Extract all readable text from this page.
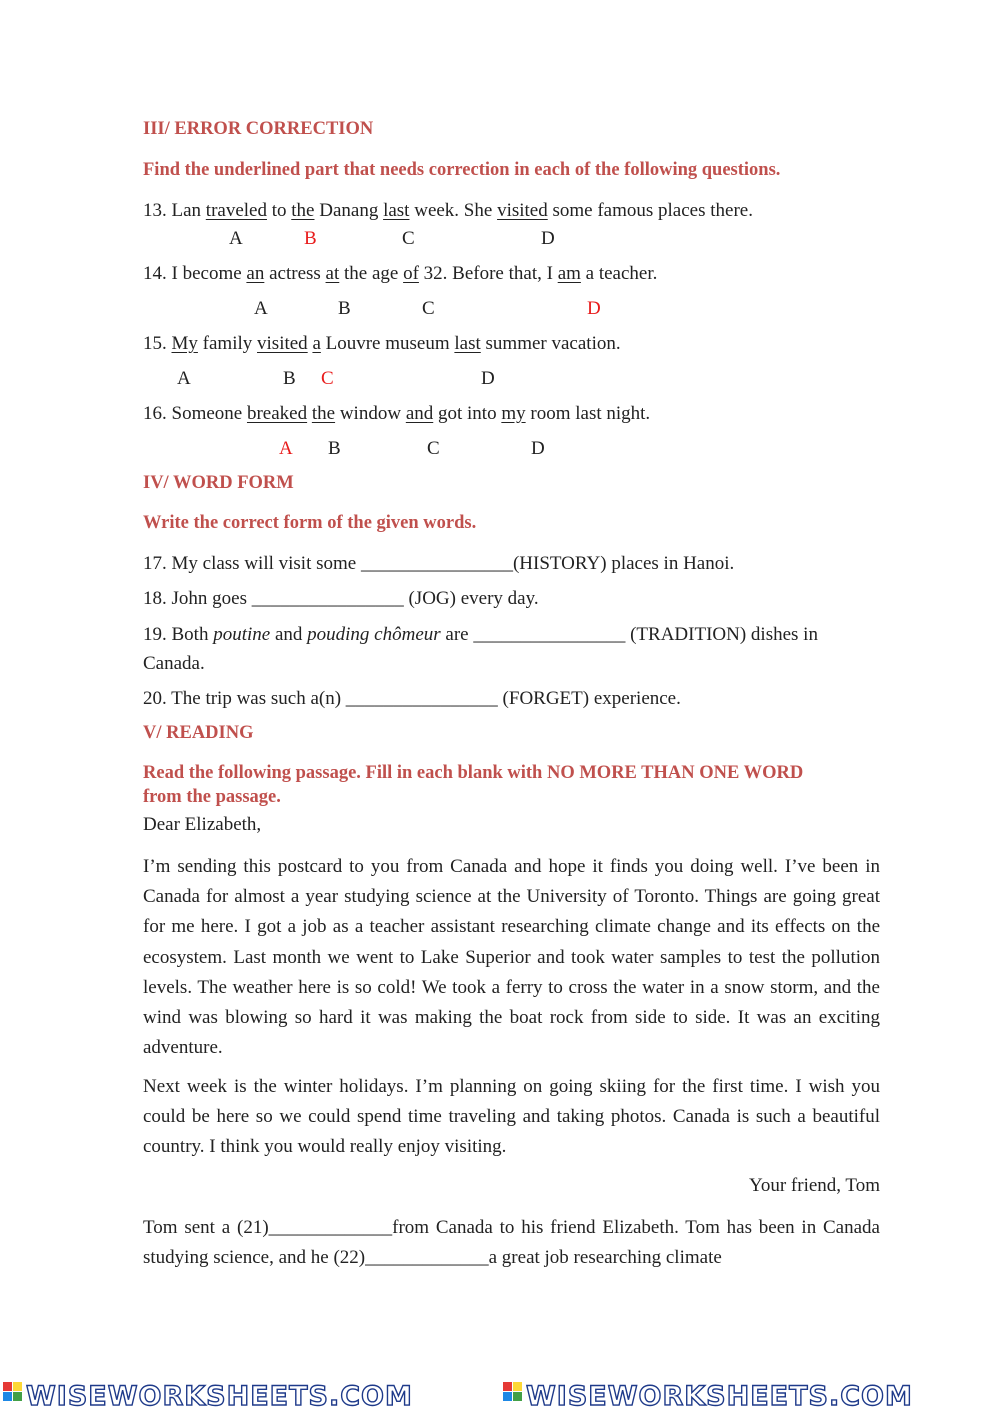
III/ ERROR CORRECTION
Find the underlined part that needs correction in each of the following questions.
13. Lan traveled to the Danang last week. She visited some famous places there.
A	B	C	D
14. I become an actress at the age of 32. Before that, I am a teacher.
A	B	C	D
15. My family visited a Louvre museum last summer vacation.
A	B C	D
16. Someone breaked the window and got into my room last night.
A B	C	D
IV/ WORD FORM
Write the correct form of the given words.
17. My class will visit some ________________(HISTORY) places in Hanoi.
18. John goes ________________ (JOG) every day.
19. Both poutine and pouding chômeur are ________________ (TRADITION) dishes in
Canada.
20. The trip was such a(n) ________________ (FORGET) experience.
V/ READING
Read the following passage. Fill in each blank with NO MORE THAN ONE WORD
from the passage.
Dear Elizabeth,
I’m sending this postcard to you from Canada and hope it finds you doing well. I’ve been in Canada for almost a year studying science at the University of Toronto. Things are going great for me here. I got a job as a teacher assistant researching climate change and its effects on the ecosystem. Last month we went to Lake Superior and took water samples to test the pollution levels. The weather here is so cold! We took a ferry to cross the water in a snow storm, and the wind was blowing so hard it was making the boat rock from side to side. It was an exciting adventure.
Next week is the winter holidays. I’m planning on going skiing for the first time. I wish you could be here so we could spend time traveling and taking photos. Canada is such a beautiful country. I think you would really enjoy visiting.
Your friend, Tom
Tom sent a (21)_____________from Canada to his friend Elizabeth. Tom has been in Canada studying science, and he (22)_____________a great job researching climate
WISEWORKSHEETS.COM	WISEWORKSHEETS.COM
